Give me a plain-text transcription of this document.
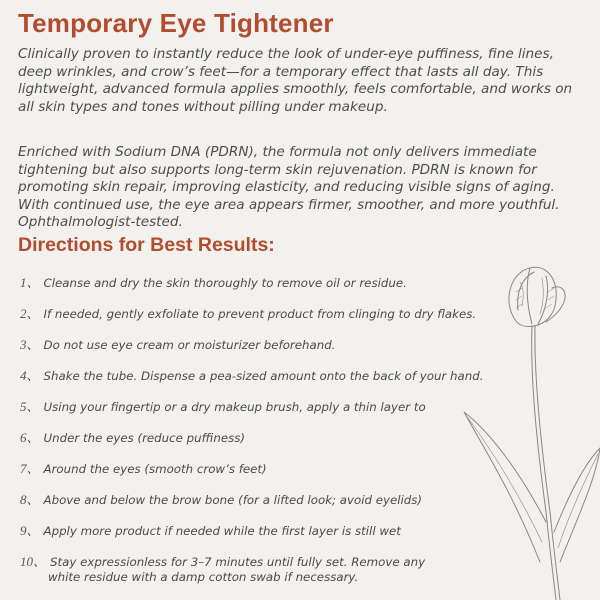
Temporary Eye Tightener

Clinically proven to instantly reduce the look of under-eye puffiness, fine lines, deep wrinkles, and crow’s feet—for a temporary effect that lasts all day. This lightweight, advanced formula applies smoothly, feels comfortable, and works on all skin types and tones without pilling under makeup.

Enriched with Sodium DNA (PDRN), the formula not only delivers immediate tightening but also supports long-term skin rejuvenation. PDRN is known for promoting skin repair, improving elasticity, and reducing visible signs of aging. With continued use, the eye area appears firmer, smoother, and more youthful. Ophthalmologist-tested.

Directions for Best Results:
1、 Cleanse and dry the skin thoroughly to remove oil or residue.
2、 If needed, gently exfoliate to prevent product from clinging to dry flakes.
3、 Do not use eye cream or moisturizer beforehand.
4、 Shake the tube. Dispense a pea-sized amount onto the back of your hand.
5、 Using your fingertip or a dry makeup brush, apply a thin layer to
6、 Under the eyes (reduce puffiness)
7、 Around the eyes (smooth crow’s feet)
8、 Above and below the brow bone (for a lifted look; avoid eyelids)
9、 Apply more product if needed while the first layer is still wet
10、 Stay expressionless for 3–7 minutes until fully set. Remove any
white residue with a damp cotton swab if necessary.
